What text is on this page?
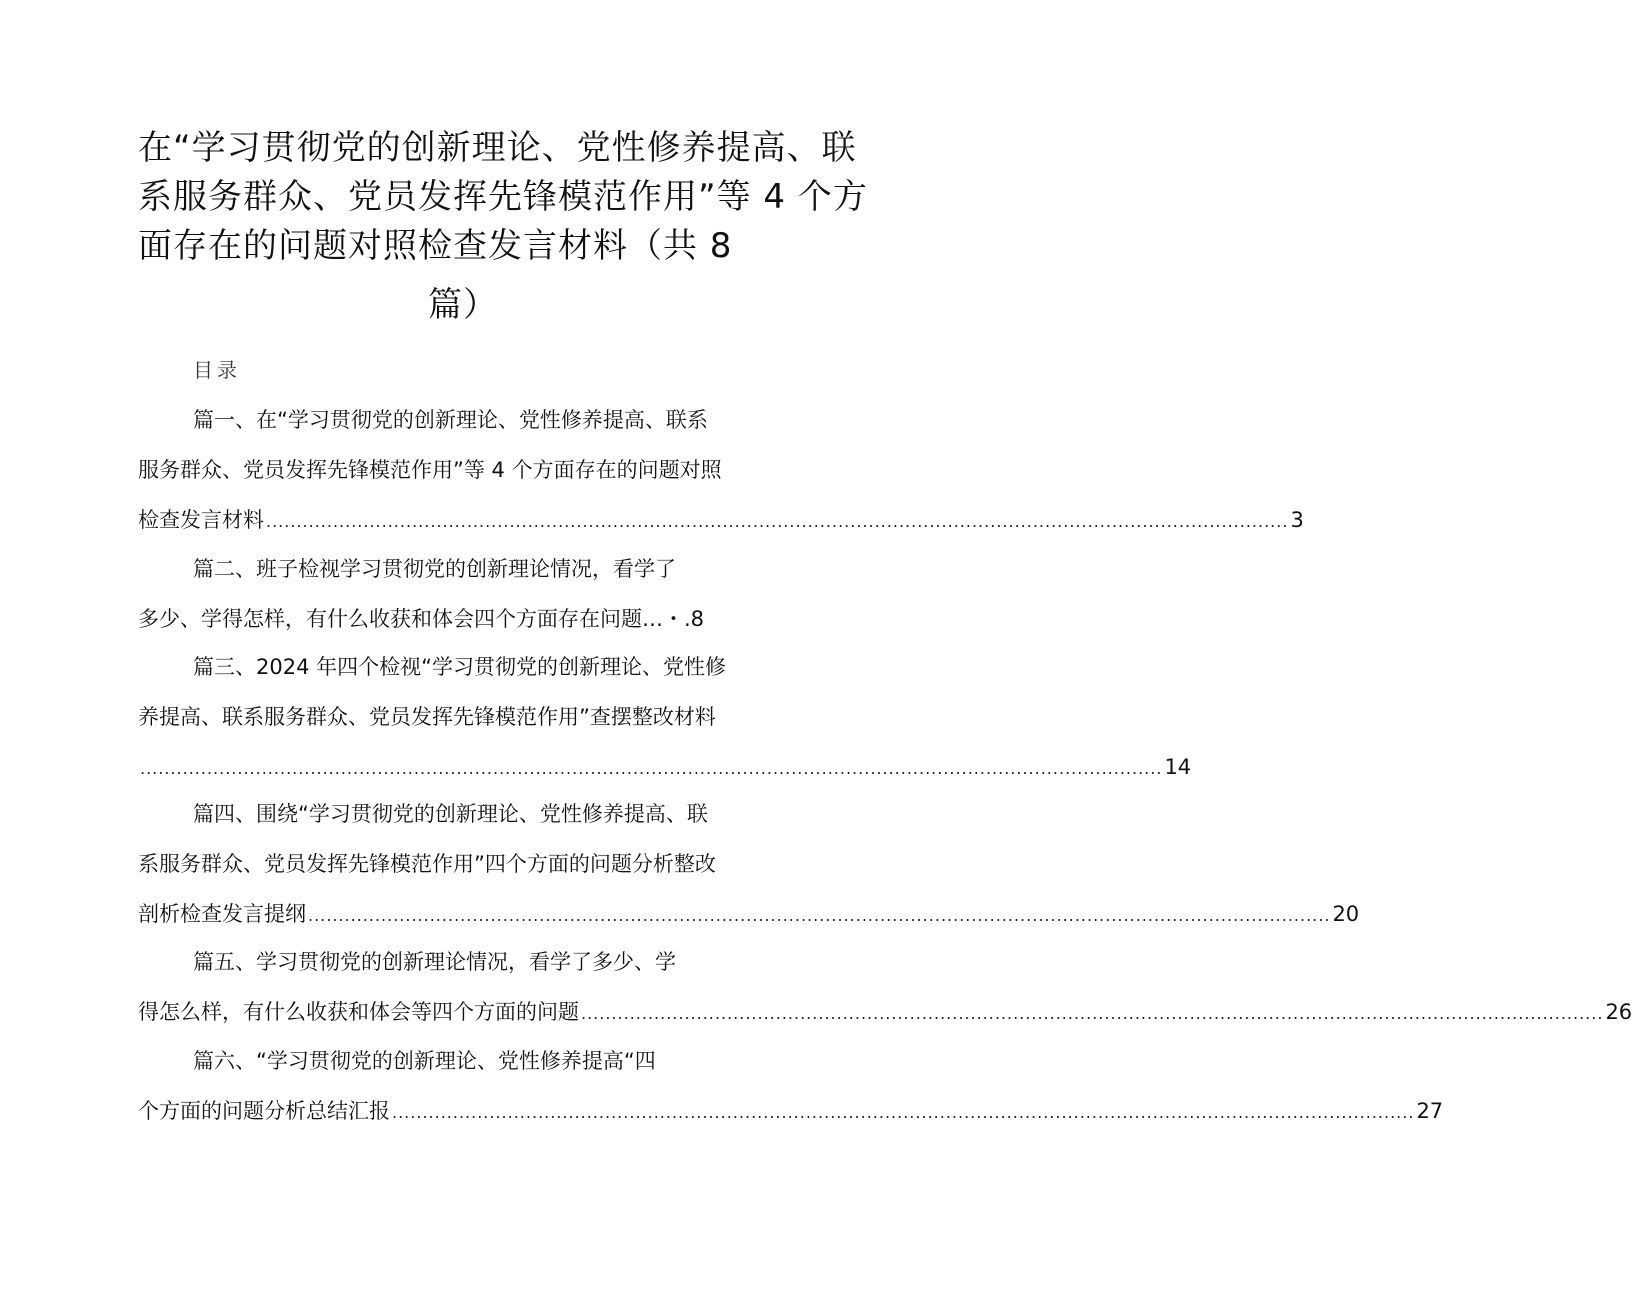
在“学习贯彻党的创新理论、党性修养提高、联
系服务群众、党员发挥先锋模范作用”等 4 个方
面存在的问题对照检查发言材料（共 8
篇）
目录
篇一、在“学习贯彻党的创新理论、党性修养提高、联系
服务群众、党员发挥先锋模范作用”等 4 个方面存在的问题对照
检查发言材料 ........................................................................................................................................................................ 3
篇二、班子检视学习贯彻党的创新理论情况，看学了
多少、学得怎样，有什么收获和体会四个方面存在问题…・.8
篇三、2024 年四个检视“学习贯彻党的创新理论、党性修
养提高、联系服务群众、党员发挥先锋模范作用”查摆整改材料
........................................................................................................................................................................ 14
篇四、围绕“学习贯彻党的创新理论、党性修养提高、联
系服务群众、党员发挥先锋模范作用”四个方面的问题分析整改
剖析检查发言提纲 ........................................................................................................................................................................ 20
篇五、学习贯彻党的创新理论情况，看学了多少、学
得怎么样，有什么收获和体会等四个方面的问题 ........................................................................................................................................................................ 26
篇六、“学习贯彻党的创新理论、党性修养提高“四
个方面的问题分析总结汇报 ........................................................................................................................................................................ 27
